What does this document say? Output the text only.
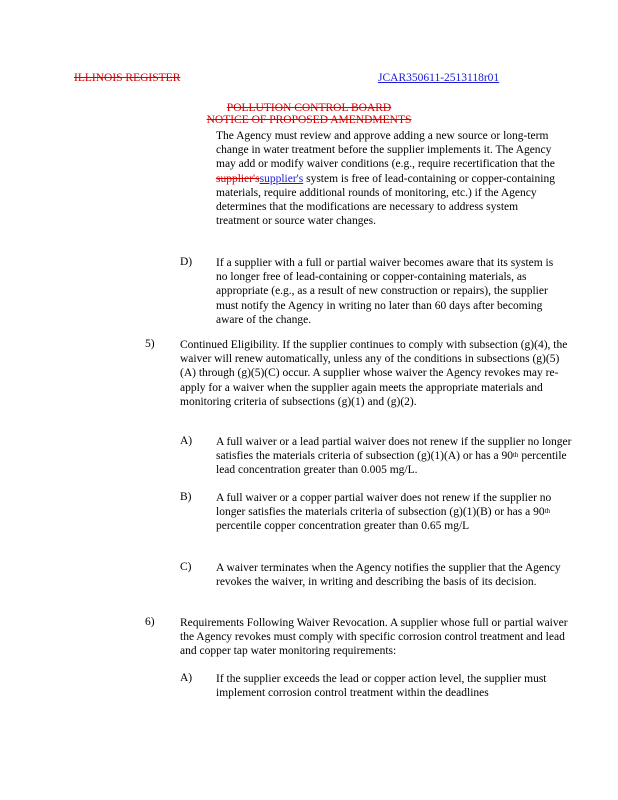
ILLINOIS REGISTER	JCAR350611-2513118r01
POLLUTION CONTROL BOARD
NOTICE OF PROPOSED AMENDMENTS

The Agency must review and approve adding a new source or long-term change in water treatment before the supplier implements it. The Agency may add or modify waiver conditions (e.g., require recertification that the supplier'ssupplier's system is free of lead-containing or copper-containing materials, require additional rounds of monitoring, etc.) if the Agency determines that the modifications are necessary to address system treatment or source water changes.

D) If a supplier with a full or partial waiver becomes aware that its system is no longer free of lead-containing or copper-containing materials, as appropriate (e.g., as a result of new construction or repairs), the supplier must notify the Agency in writing no later than 60 days after becoming aware of the change.

5) Continued Eligibility. If the supplier continues to comply with subsection (g)(4), the waiver will renew automatically, unless any of the conditions in subsections (g)(5)(A) through (g)(5)(C) occur. A supplier whose waiver the Agency revokes may re-apply for a waiver when the supplier again meets the appropriate materials and monitoring criteria of subsections (g)(1) and (g)(2).

A) A full waiver or a lead partial waiver does not renew if the supplier no longer satisfies the materials criteria of subsection (g)(1)(A) or has a 90th percentile lead concentration greater than 0.005 mg/L.

B) A full waiver or a copper partial waiver does not renew if the supplier no longer satisfies the materials criteria of subsection (g)(1)(B) or has a 90th percentile copper concentration greater than 0.65 mg/L

C) A waiver terminates when the Agency notifies the supplier that the Agency revokes the waiver, in writing and describing the basis of its decision.

6) Requirements Following Waiver Revocation. A supplier whose full or partial waiver the Agency revokes must comply with specific corrosion control treatment and lead and copper tap water monitoring requirements:

A) If the supplier exceeds the lead or copper action level, the supplier must implement corrosion control treatment within the deadlines
